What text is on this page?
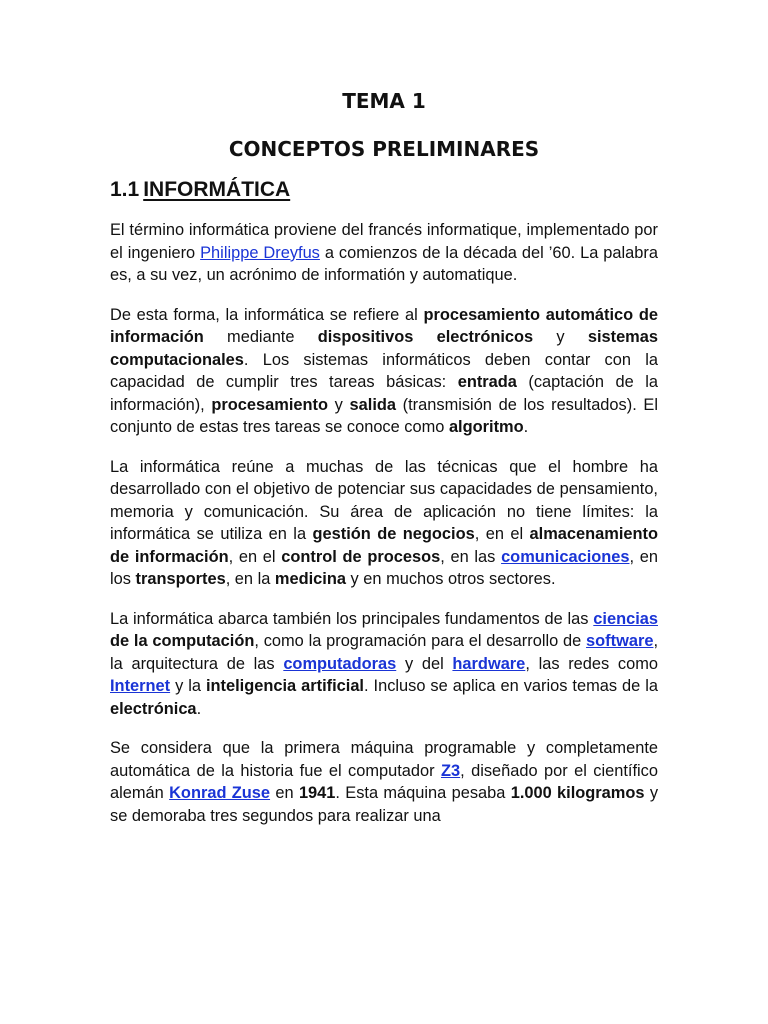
TEMA 1
CONCEPTOS PRELIMINARES
1.1 INFORMÁTICA

El término informática proviene del francés informatique, implementado por el ingeniero Philippe Dreyfus a comienzos de la década del ’60. La palabra es, a su vez, un acrónimo de informatión y automatique.

De esta forma, la informática se refiere al procesamiento automático de información mediante dispositivos electrónicos y sistemas computacionales. Los sistemas informáticos deben contar con la capacidad de cumplir tres tareas básicas: entrada (captación de la información), procesamiento y salida (transmisión de los resultados). El conjunto de estas tres tareas se conoce como algoritmo.

La informática reúne a muchas de las técnicas que el hombre ha desarrollado con el objetivo de potenciar sus capacidades de pensamiento, memoria y comunicación. Su área de aplicación no tiene límites: la informática se utiliza en la gestión de negocios, en el almacenamiento de información, en el control de procesos, en las comunicaciones, en los transportes, en la medicina y en muchos otros sectores.

La informática abarca también los principales fundamentos de las ciencias de la computación, como la programación para el desarrollo de software, la arquitectura de las computadoras y del hardware, las redes como Internet y la inteligencia artificial. Incluso se aplica en varios temas de la electrónica.

Se considera que la primera máquina programable y completamente automática de la historia fue el computador Z3, diseñado por el científico alemán Konrad Zuse en 1941. Esta máquina pesaba 1.000 kilogramos y se demoraba tres segundos para realizar una
